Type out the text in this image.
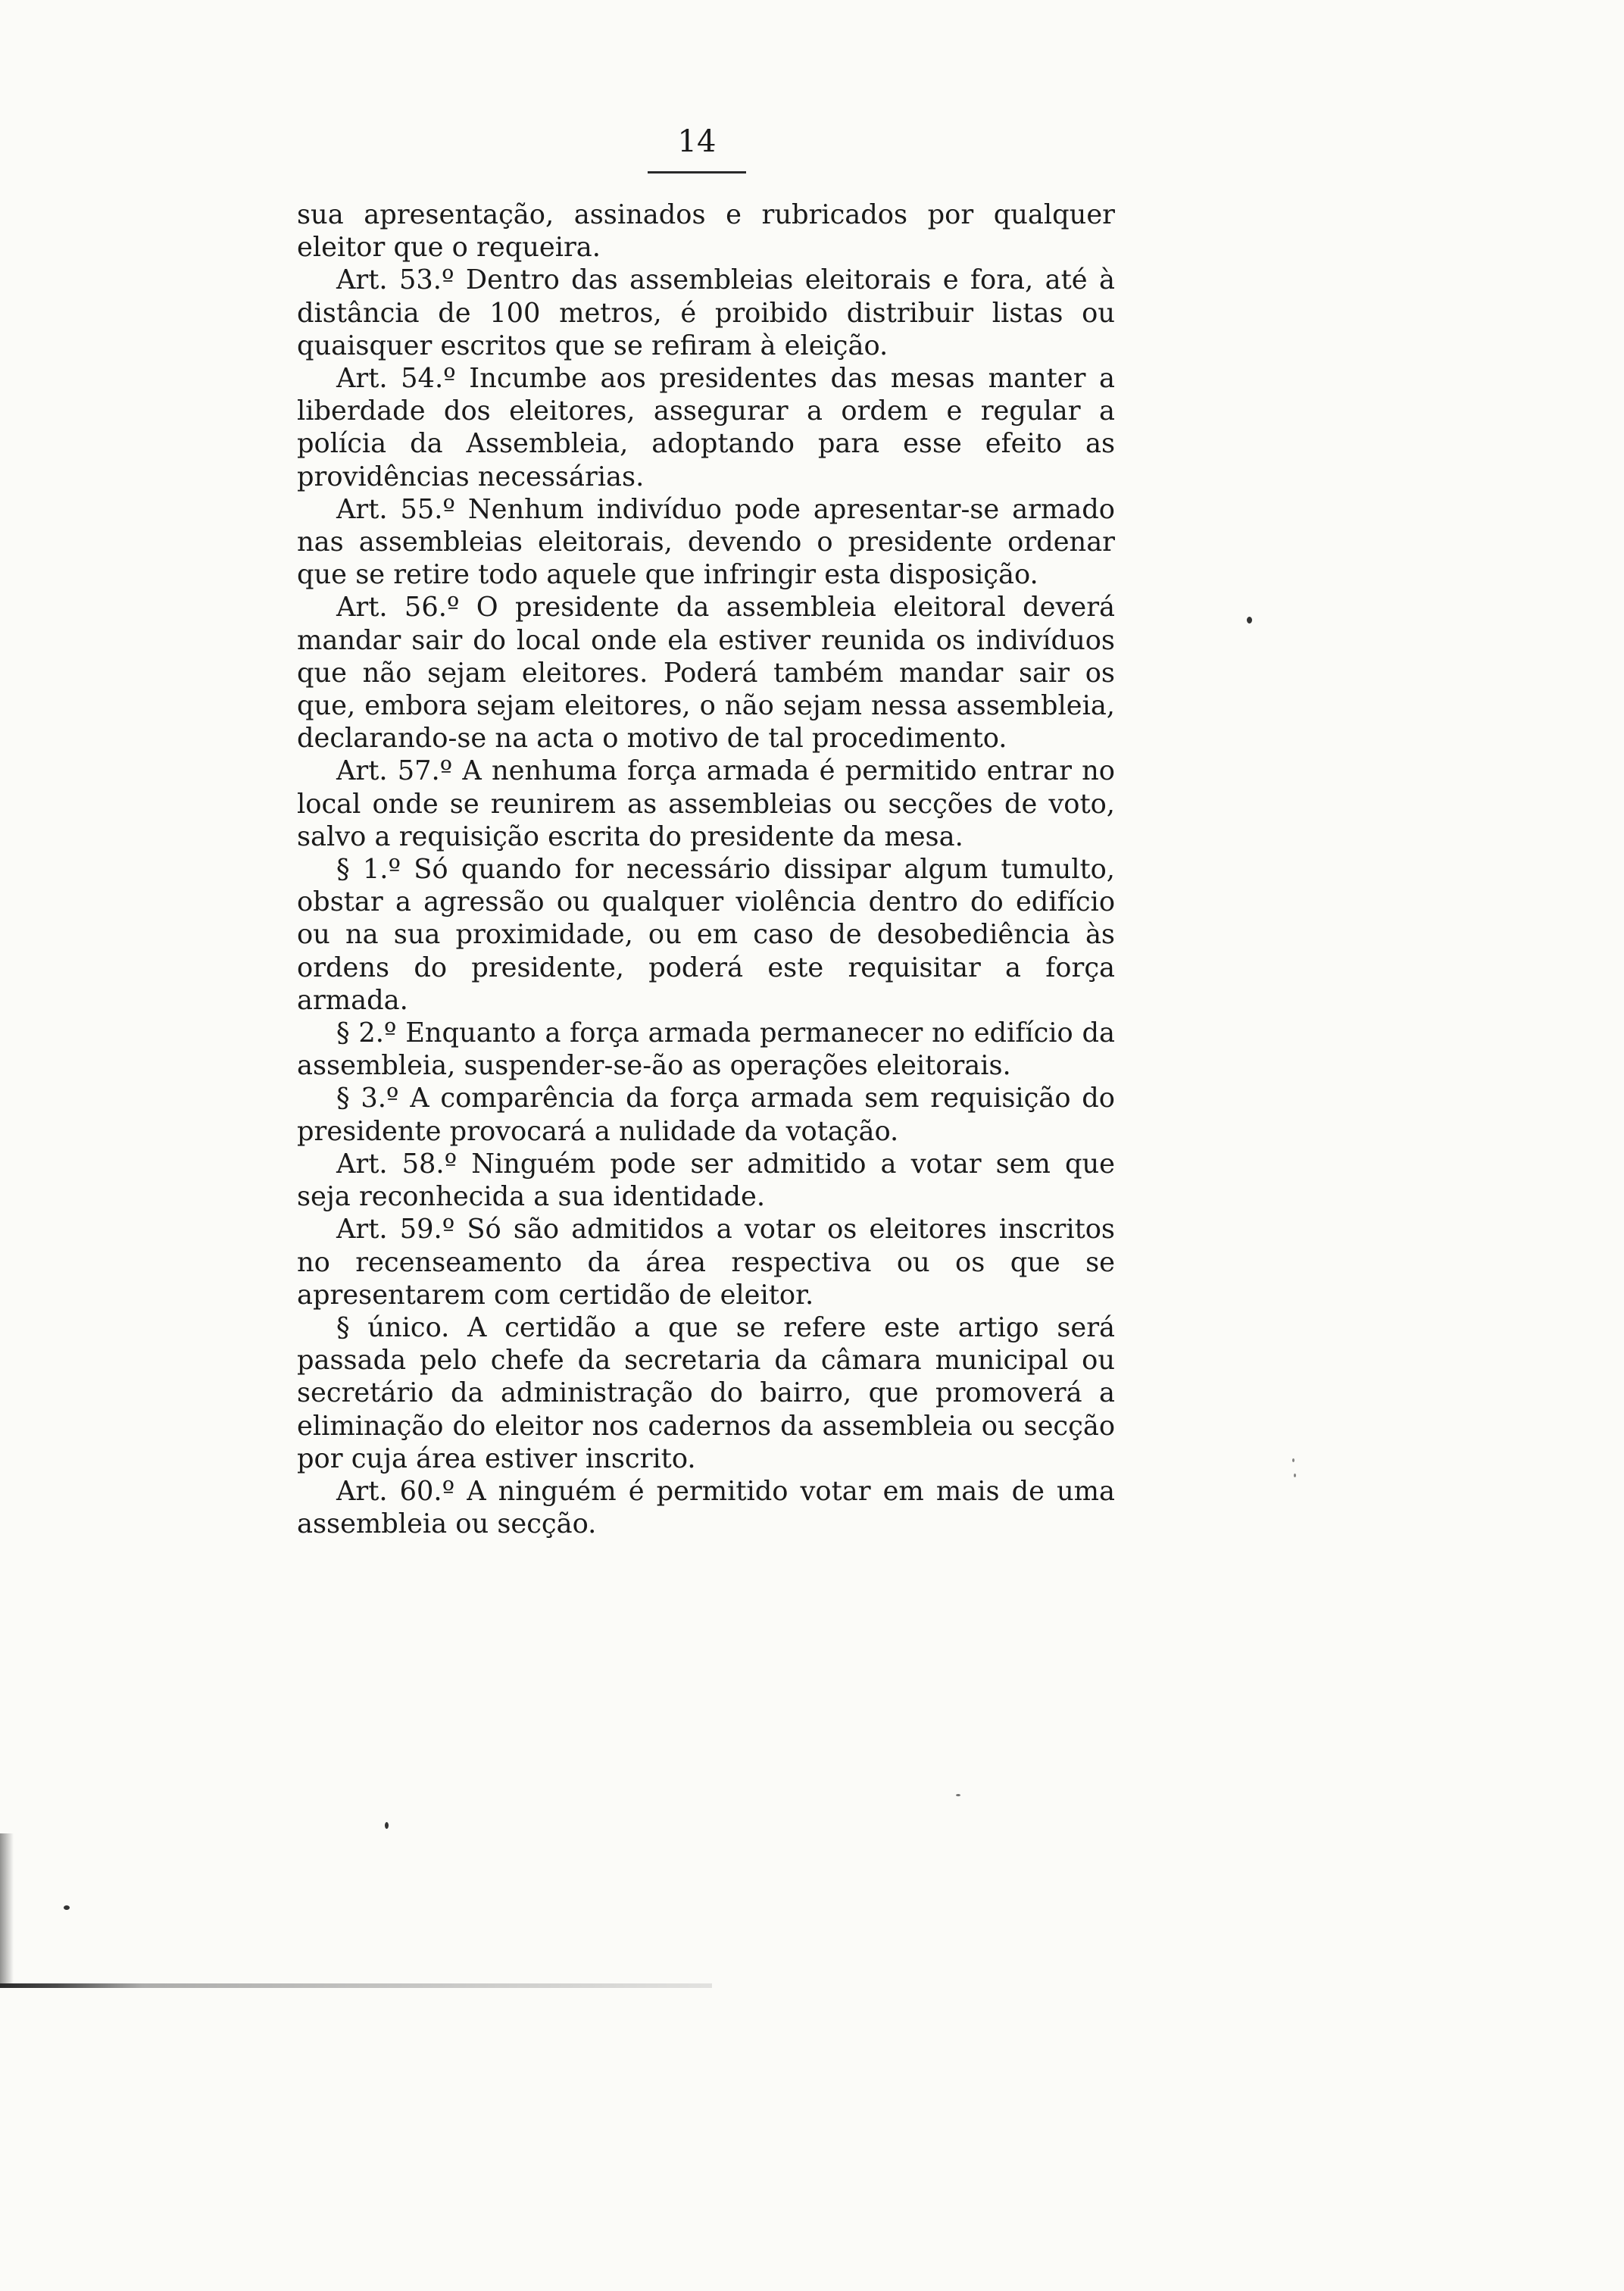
14

sua apresentação, assinados e rubricados por qualquer eleitor que o requeira.

Art. 53.º Dentro das assembleias eleitorais e fora, até à distância de 100 metros, é proibido distribuir listas ou quaisquer escritos que se refiram à eleição.

Art. 54.º Incumbe aos presidentes das mesas manter a liberdade dos eleitores, assegurar a ordem e regular a polícia da Assembleia, adoptando para esse efeito as providências necessárias.

Art. 55.º Nenhum indivíduo pode apresentar-se armado nas assembleias eleitorais, devendo o presidente ordenar que se retire todo aquele que infringir esta disposição.

Art. 56.º O presidente da assembleia eleitoral deverá mandar sair do local onde ela estiver reunida os indivíduos que não sejam eleitores. Poderá também mandar sair os que, embora sejam eleitores, o não sejam nessa assembleia, declarando-se na acta o motivo de tal procedimento.

Art. 57.º A nenhuma força armada é permitido entrar no local onde se reunirem as assembleias ou secções de voto, salvo a requisição escrita do presidente da mesa.

§ 1.º Só quando for necessário dissipar algum tumulto, obstar a agressão ou qualquer violência dentro do edifício ou na sua proximidade, ou em caso de desobediência às ordens do presidente, poderá este requisitar a força armada.

§ 2.º Enquanto a força armada permanecer no edifício da assembleia, suspender-se-ão as operações eleitorais.

§ 3.º A comparência da força armada sem requisição do presidente provocará a nulidade da votação.

Art. 58.º Ninguém pode ser admitido a votar sem que seja reconhecida a sua identidade.

Art. 59.º Só são admitidos a votar os eleitores inscritos no recenseamento da área respectiva ou os que se apresentarem com certidão de eleitor.

§ único. A certidão a que se refere este artigo será passada pelo chefe da secretaria da câmara municipal ou secretário da administração do bairro, que promoverá a eliminação do eleitor nos cadernos da assembleia ou secção por cuja área estiver inscrito.

Art. 60.º A ninguém é permitido votar em mais de uma assembleia ou secção.
